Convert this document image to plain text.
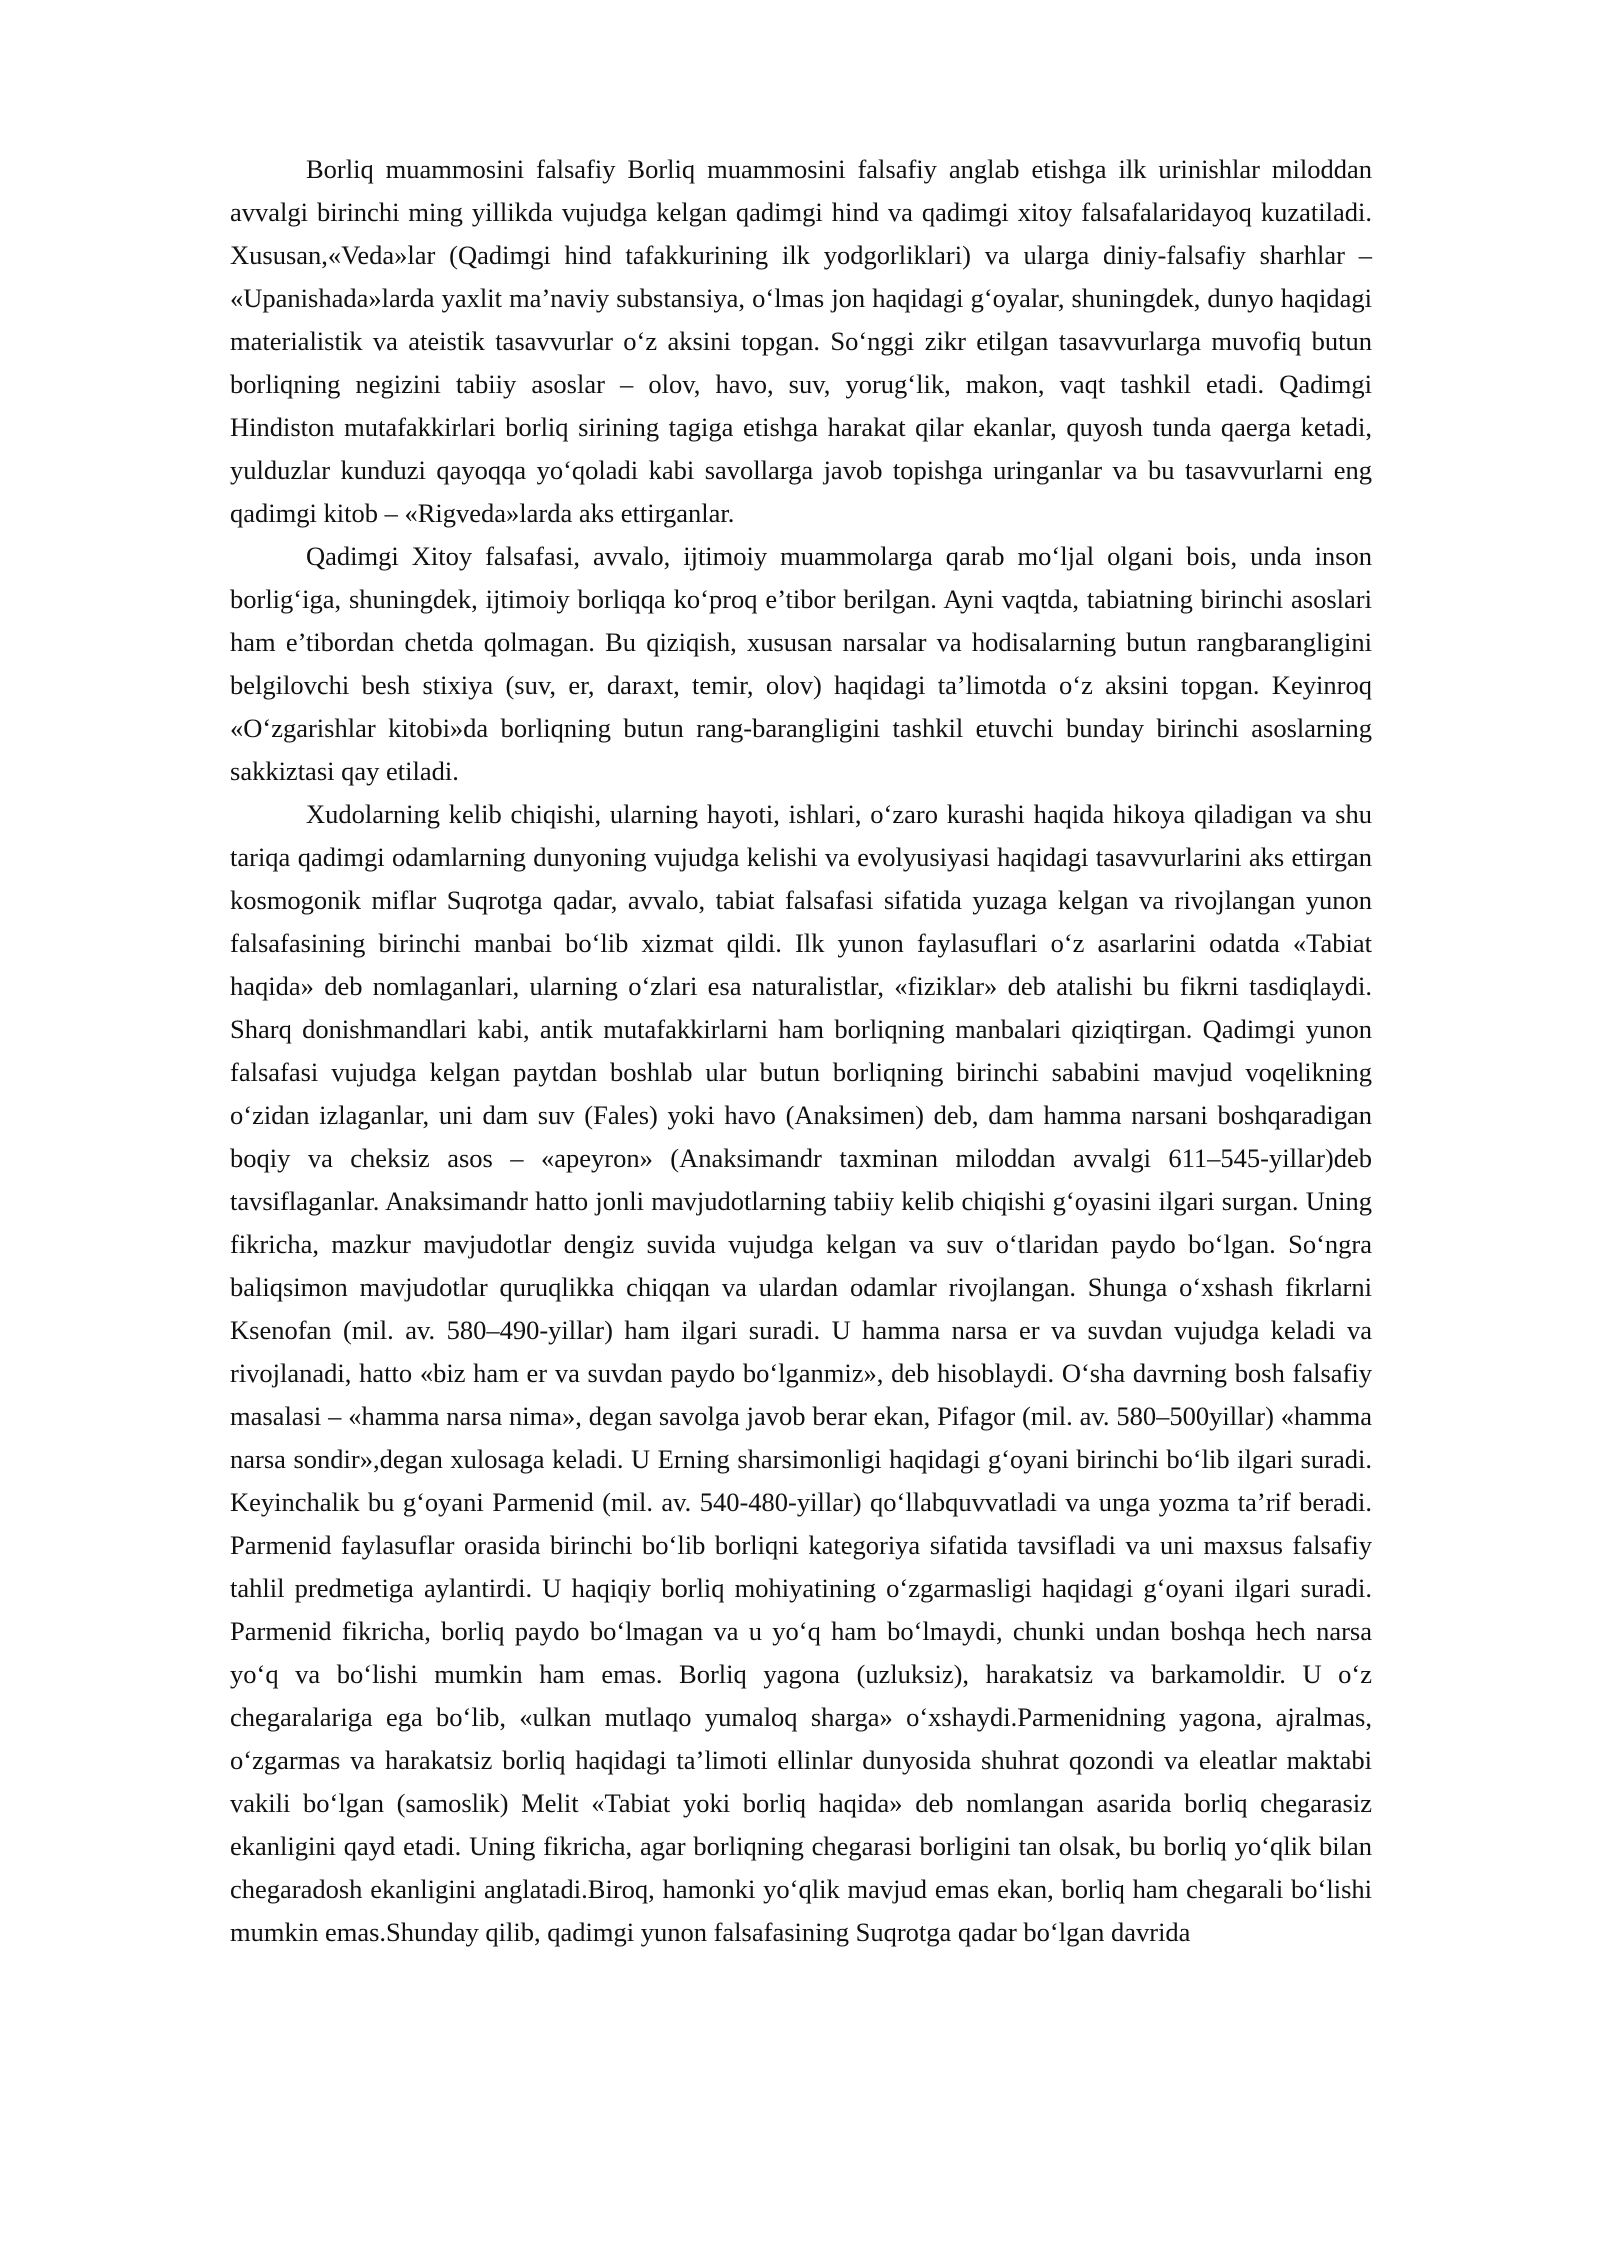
Borliq muammosini falsafiy Borliq muammosini falsafiy anglab etishga ilk urinishlar miloddan avvalgi birinchi ming yillikda vujudga kelgan qadimgi hind va qadimgi xitoy falsafalaridayoq kuzatiladi. Xususan,«Veda»lar (Qadimgi hind tafakkurining ilk yodgorliklari) va ularga diniy-falsafiy sharhlar – «Upanishada»larda yaxlit ma’naviy substansiya, o‘lmas jon haqidagi g‘oyalar, shuningdek, dunyo haqidagi materialistik va ateistik tasavvurlar o‘z aksini topgan. So‘nggi zikr etilgan tasavvurlarga muvofiq butun borliqning negizini tabiiy asoslar – olov, havo, suv, yorug‘lik, makon, vaqt tashkil etadi. Qadimgi Hindiston mutafakkirlari borliq sirining tagiga etishga harakat qilar ekanlar, quyosh tunda qaerga ketadi, yulduzlar kunduzi qayoqqa yo‘qoladi kabi savollarga javob topishga uringanlar va bu tasavvurlarni eng qadimgi kitob – «Rigveda»larda aks ettirganlar.

Qadimgi Xitoy falsafasi, avvalo, ijtimoiy muammolarga qarab mo‘ljal olgani bois, unda inson borlig‘iga, shuningdek, ijtimoiy borliqqa ko‘proq e’tibor berilgan. Ayni vaqtda, tabiatning birinchi asoslari ham e’tibordan chetda qolmagan. Bu qiziqish, xususan narsalar va hodisalarning butun rangbarangligini belgilovchi besh stixiya (suv, er, daraxt, temir, olov) haqidagi ta’limotda o‘z aksini topgan. Keyinroq «O‘zgarishlar kitobi»da borliqning butun rang-barangligini tashkil etuvchi bunday birinchi asoslarning sakkiztasi qay etiladi.

Xudolarning kelib chiqishi, ularning hayoti, ishlari, o‘zaro kurashi haqida hikoya qiladigan va shu tariqa qadimgi odamlarning dunyoning vujudga kelishi va evolyusiyasi haqidagi tasavvurlarini aks ettirgan kosmogonik miflar Suqrotga qadar, avvalo, tabiat falsafasi sifatida yuzaga kelgan va rivojlangan yunon falsafasining birinchi manbai bo‘lib xizmat qildi. Ilk yunon faylasuflari o‘z asarlarini odatda «Tabiat haqida» deb nomlaganlari, ularning o‘zlari esa naturalistlar, «fiziklar» deb atalishi bu fikrni tasdiqlaydi. Sharq donishmandlari kabi, antik mutafakkirlarni ham borliqning manbalari qiziqtirgan. Qadimgi yunon falsafasi vujudga kelgan paytdan boshlab ular butun borliqning birinchi sababini mavjud voqelikning o‘zidan izlaganlar, uni dam suv (Fales) yoki havo (Anaksimen) deb, dam hamma narsani boshqaradigan boqiy va cheksiz asos – «apeyron» (Anaksimandr taxminan miloddan avvalgi 611–545-yillar)deb tavsiflaganlar. Anaksimandr hatto jonli mavjudotlarning tabiiy kelib chiqishi g‘oyasini ilgari surgan. Uning fikricha, mazkur mavjudotlar dengiz suvida vujudga kelgan va suv o‘tlaridan paydo bo‘lgan. So‘ngra baliqsimon mavjudotlar quruqlikka chiqqan va ulardan odamlar rivojlangan. Shunga o‘xshash fikrlarni Ksenofan (mil. av. 580–490-yillar) ham ilgari suradi. U hamma narsa er va suvdan vujudga keladi va rivojlanadi, hatto «biz ham er va suvdan paydo bo‘lganmiz», deb hisoblaydi. O‘sha davrning bosh falsafiy masalasi – «hamma narsa nima», degan savolga javob berar ekan, Pifagor (mil. av. 580–500yillar) «hamma narsa sondir»,degan xulosaga keladi. U Erning sharsimonligi haqidagi g‘oyani birinchi bo‘lib ilgari suradi. Keyinchalik bu g‘oyani Parmenid (mil. av. 540-480-yillar) qo‘llabquvvatladi va unga yozma ta’rif beradi. Parmenid faylasuflar orasida birinchi bo‘lib borliqni kategoriya sifatida tavsifladi va uni maxsus falsafiy tahlil predmetiga aylantirdi. U haqiqiy borliq mohiyatining o‘zgarmasligi haqidagi g‘oyani ilgari suradi. Parmenid fikricha, borliq paydo bo‘lmagan va u yo‘q ham bo‘lmaydi, chunki undan boshqa hech narsa yo‘q va bo‘lishi mumkin ham emas. Borliq yagona (uzluksiz), harakatsiz va barkamoldir. U o‘z chegaralariga ega bo‘lib, «ulkan mutlaqo yumaloq sharga» o‘xshaydi.Parmenidning yagona, ajralmas, o‘zgarmas va harakatsiz borliq haqidagi ta’limoti ellinlar dunyosida shuhrat qozondi va eleatlar maktabi vakili bo‘lgan (samoslik) Melit «Tabiat yoki borliq haqida» deb nomlangan asarida borliq chegarasiz ekanligini qayd etadi. Uning fikricha, agar borliqning chegarasi borligini tan olsak, bu borliq yo‘qlik bilan chegaradosh ekanligini anglatadi.Biroq, hamonki yo‘qlik mavjud emas ekan, borliq ham chegarali bo‘lishi mumkin emas.Shunday qilib, qadimgi yunon falsafasining Suqrotga qadar bo‘lgan davrida
